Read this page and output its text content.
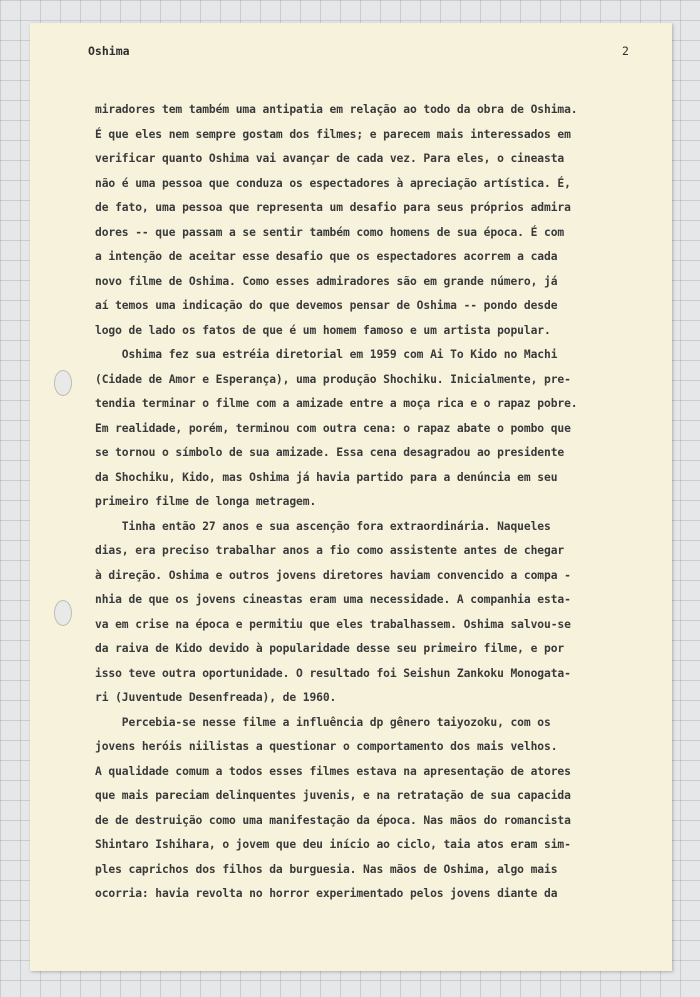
Oshima	2
miradores tem também uma antipatia em relação ao todo da obra de Oshima.
É que eles nem sempre gostam dos filmes; e parecem mais interessados em
verificar quanto Oshima vai avançar de cada vez. Para eles, o cineasta
não é uma pessoa que conduza os espectadores à apreciação artística. É,
de fato, uma pessoa que representa um desafio para seus próprios admira
dores -- que passam a se sentir também como homens de sua época. É com
a intenção de aceitar esse desafio que os espectadores acorrem a cada
novo filme de Oshima. Como esses admiradores são em grande número, já
aí temos uma indicação do que devemos pensar de Oshima -- pondo desde
logo de lado os fatos de que é um homem famoso e um artista popular.
Oshima fez sua estréia diretorial em 1959 com Ai To Kido no Machi
(Cidade de Amor e Esperança), uma produção Shochiku. Inicialmente, pre-
tendia terminar o filme com a amizade entre a moça rica e o rapaz pobre.
Em realidade, porém, terminou com outra cena: o rapaz abate o pombo que
se tornou o símbolo de sua amizade. Essa cena desagradou ao presidente
da Shochiku, Kido, mas Oshima já havia partido para a denúncia em seu
primeiro filme de longa metragem.
Tinha então 27 anos e sua ascenção fora extraordinária. Naqueles
dias, era preciso trabalhar anos a fio como assistente antes de chegar
à direção. Oshima e outros jovens diretores haviam convencido a compa -
nhia de que os jovens cineastas eram uma necessidade. A companhia esta-
va em crise na época e permitiu que eles trabalhassem. Oshima salvou-se
da raiva de Kido devido à popularidade desse seu primeiro filme, e por
isso teve outra oportunidade. O resultado foi Seishun Zankoku Monogata-
ri (Juventude Desenfreada), de 1960.
Percebia-se nesse filme a influência dp gênero taiyozoku, com os
jovens heróis niilistas a questionar o comportamento dos mais velhos.
A qualidade comum a todos esses filmes estava na apresentação de atores
que mais pareciam delinquentes juvenis, e na retratação de sua capacida
de de destruição como uma manifestação da época. Nas mãos do romancista
Shintaro Ishihara, o jovem que deu início ao ciclo, taia atos eram sim-
ples caprichos dos filhos da burguesia. Nas mãos de Oshima, algo mais
ocorria: havia revolta no horror experimentado pelos jovens diante da
